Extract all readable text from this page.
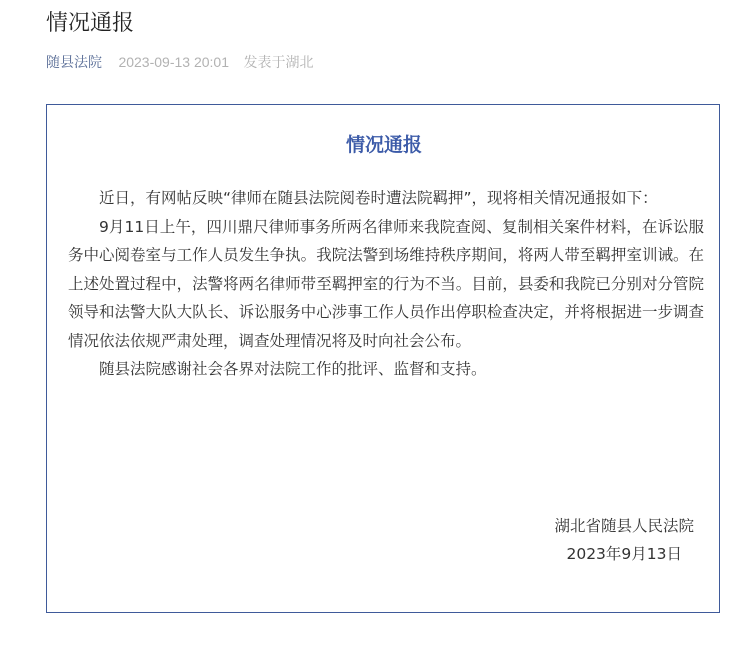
情况通报
随县法院 2023-09-13 20:01 发表于湖北
情况通报

近日，有网帖反映“律师在随县法院阅卷时遭法院羁押”，现将相关情况通报如下：

9月11日上午，四川鼎尺律师事务所两名律师来我院查阅、复制相关案件材料，在诉讼服务中心阅卷室与工作人员发生争执。我院法警到场维持秩序期间，将两人带至羁押室训诫。在上述处置过程中，法警将两名律师带至羁押室的行为不当。目前，县委和我院已分别对分管院领导和法警大队大队长、诉讼服务中心涉事工作人员作出停职检查决定，并将根据进一步调查情况依法依规严肃处理，调查处理情况将及时向社会公布。

随县法院感谢社会各界对法院工作的批评、监督和支持。

湖北省随县人民法院
2023年9月13日
